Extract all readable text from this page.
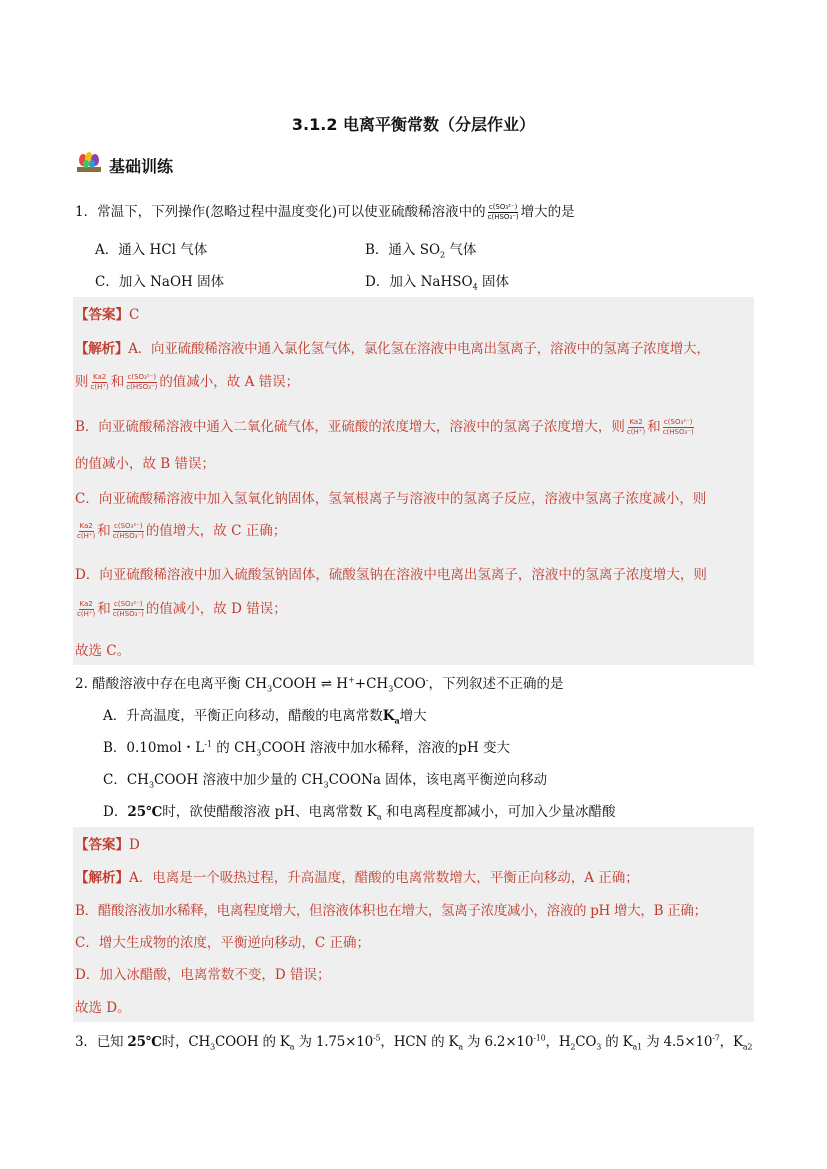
3.1.2 电离平衡常数（分层作业）
基础训练
1．常温下，下列操作(忽略过程中温度变化)可以使亚硫酸稀溶液中的 $\frac{\text{c(SO₃²⁻)}}{\text{c(HSO₃⁻)}}$ 增大的是
A．通入 HCl 气体	B．通入 $SO_2$ 气体
C．加入 NaOH 固体	D．加入 NaHSO$_4$ 固体
【答案】C
【解析】A．向亚硫酸稀溶液中通入氯化氢气体，氯化氢在溶液中电离出氢离子，溶液中的氢离子浓度增大，
则 $\frac{Ka2}{c(H^+)}$ 和 $\frac{\text{c(SO₃²⁻)}}{\text{c(HSO₃⁻)}}$ 的值减小，故 A 错误；
B．向亚硫酸稀溶液中通入二氧化硫气体，亚硫酸的浓度增大，溶液中的氢离子浓度增大，则 $\frac{Ka2}{c(H^+)}$ 和 $\frac{\text{c(SO₃²⁻)}}{\text{c(HSO₃⁻)}}$
的值减小，故 B 错误；
C．向亚硫酸稀溶液中加入氢氧化钠固体，氢氧根离子与溶液中的氢离子反应，溶液中氢离子浓度减小，则
$\frac{Ka2}{c(H^+)}$ 和 $\frac{\text{c(SO₃²⁻)}}{\text{c(HSO₃⁻)}}$ 的值增大，故 C 正确；
D．向亚硫酸稀溶液中加入硫酸氢钠固体，硫酸氢钠在溶液中电离出氢离子，溶液中的氢离子浓度增大，则
$\frac{Ka2}{c(H^+)}$ 和 $\frac{\text{c(SO₃²⁻)}}{\text{c(HSO₃⁻)}}$ 的值减小，故 D 错误；
故选 C。
2. 醋酸溶液中存在电离平衡 $CH_3COOH$ ⇌ $H^++CH_3COO^-$，下列叙述不正确的是
A．升高温度，平衡正向移动，醋酸的电离常数$K_a$增大
B．0.10mol・$L^{-1}$ 的 $CH_3COOH$ 溶液中加水稀释，溶液的pH 变大
C．$CH_3COOH$ 溶液中加少量的 $CH_3COONa$ 固体，该电离平衡逆向移动
D．25℃时，欲使醋酸溶液 pH、电离常数 $K_a$ 和电离程度都减小，可加入少量冰醋酸
【答案】D
【解析】A．电离是一个吸热过程，升高温度，醋酸的电离常数增大，平衡正向移动，A 正确；
B．醋酸溶液加水稀释，电离程度增大，但溶液体积也在增大，氢离子浓度减小，溶液的 pH 增大，B 正确；
C．增大生成物的浓度，平衡逆向移动，C 正确；
D．加入冰醋酸，电离常数不变，D 错误；
故选 D。
3．已知 25℃时，$CH_3COOH$ 的 $K_a$ 为 $1.75\times 10^{-5}$，HCN 的 $K_a$ 为 $6.2\times 10^{-10}$，$H_2CO_3$ 的 $K_{a1}$ 为 $4.5\times 10^{-7}$，$K_{a2}$
